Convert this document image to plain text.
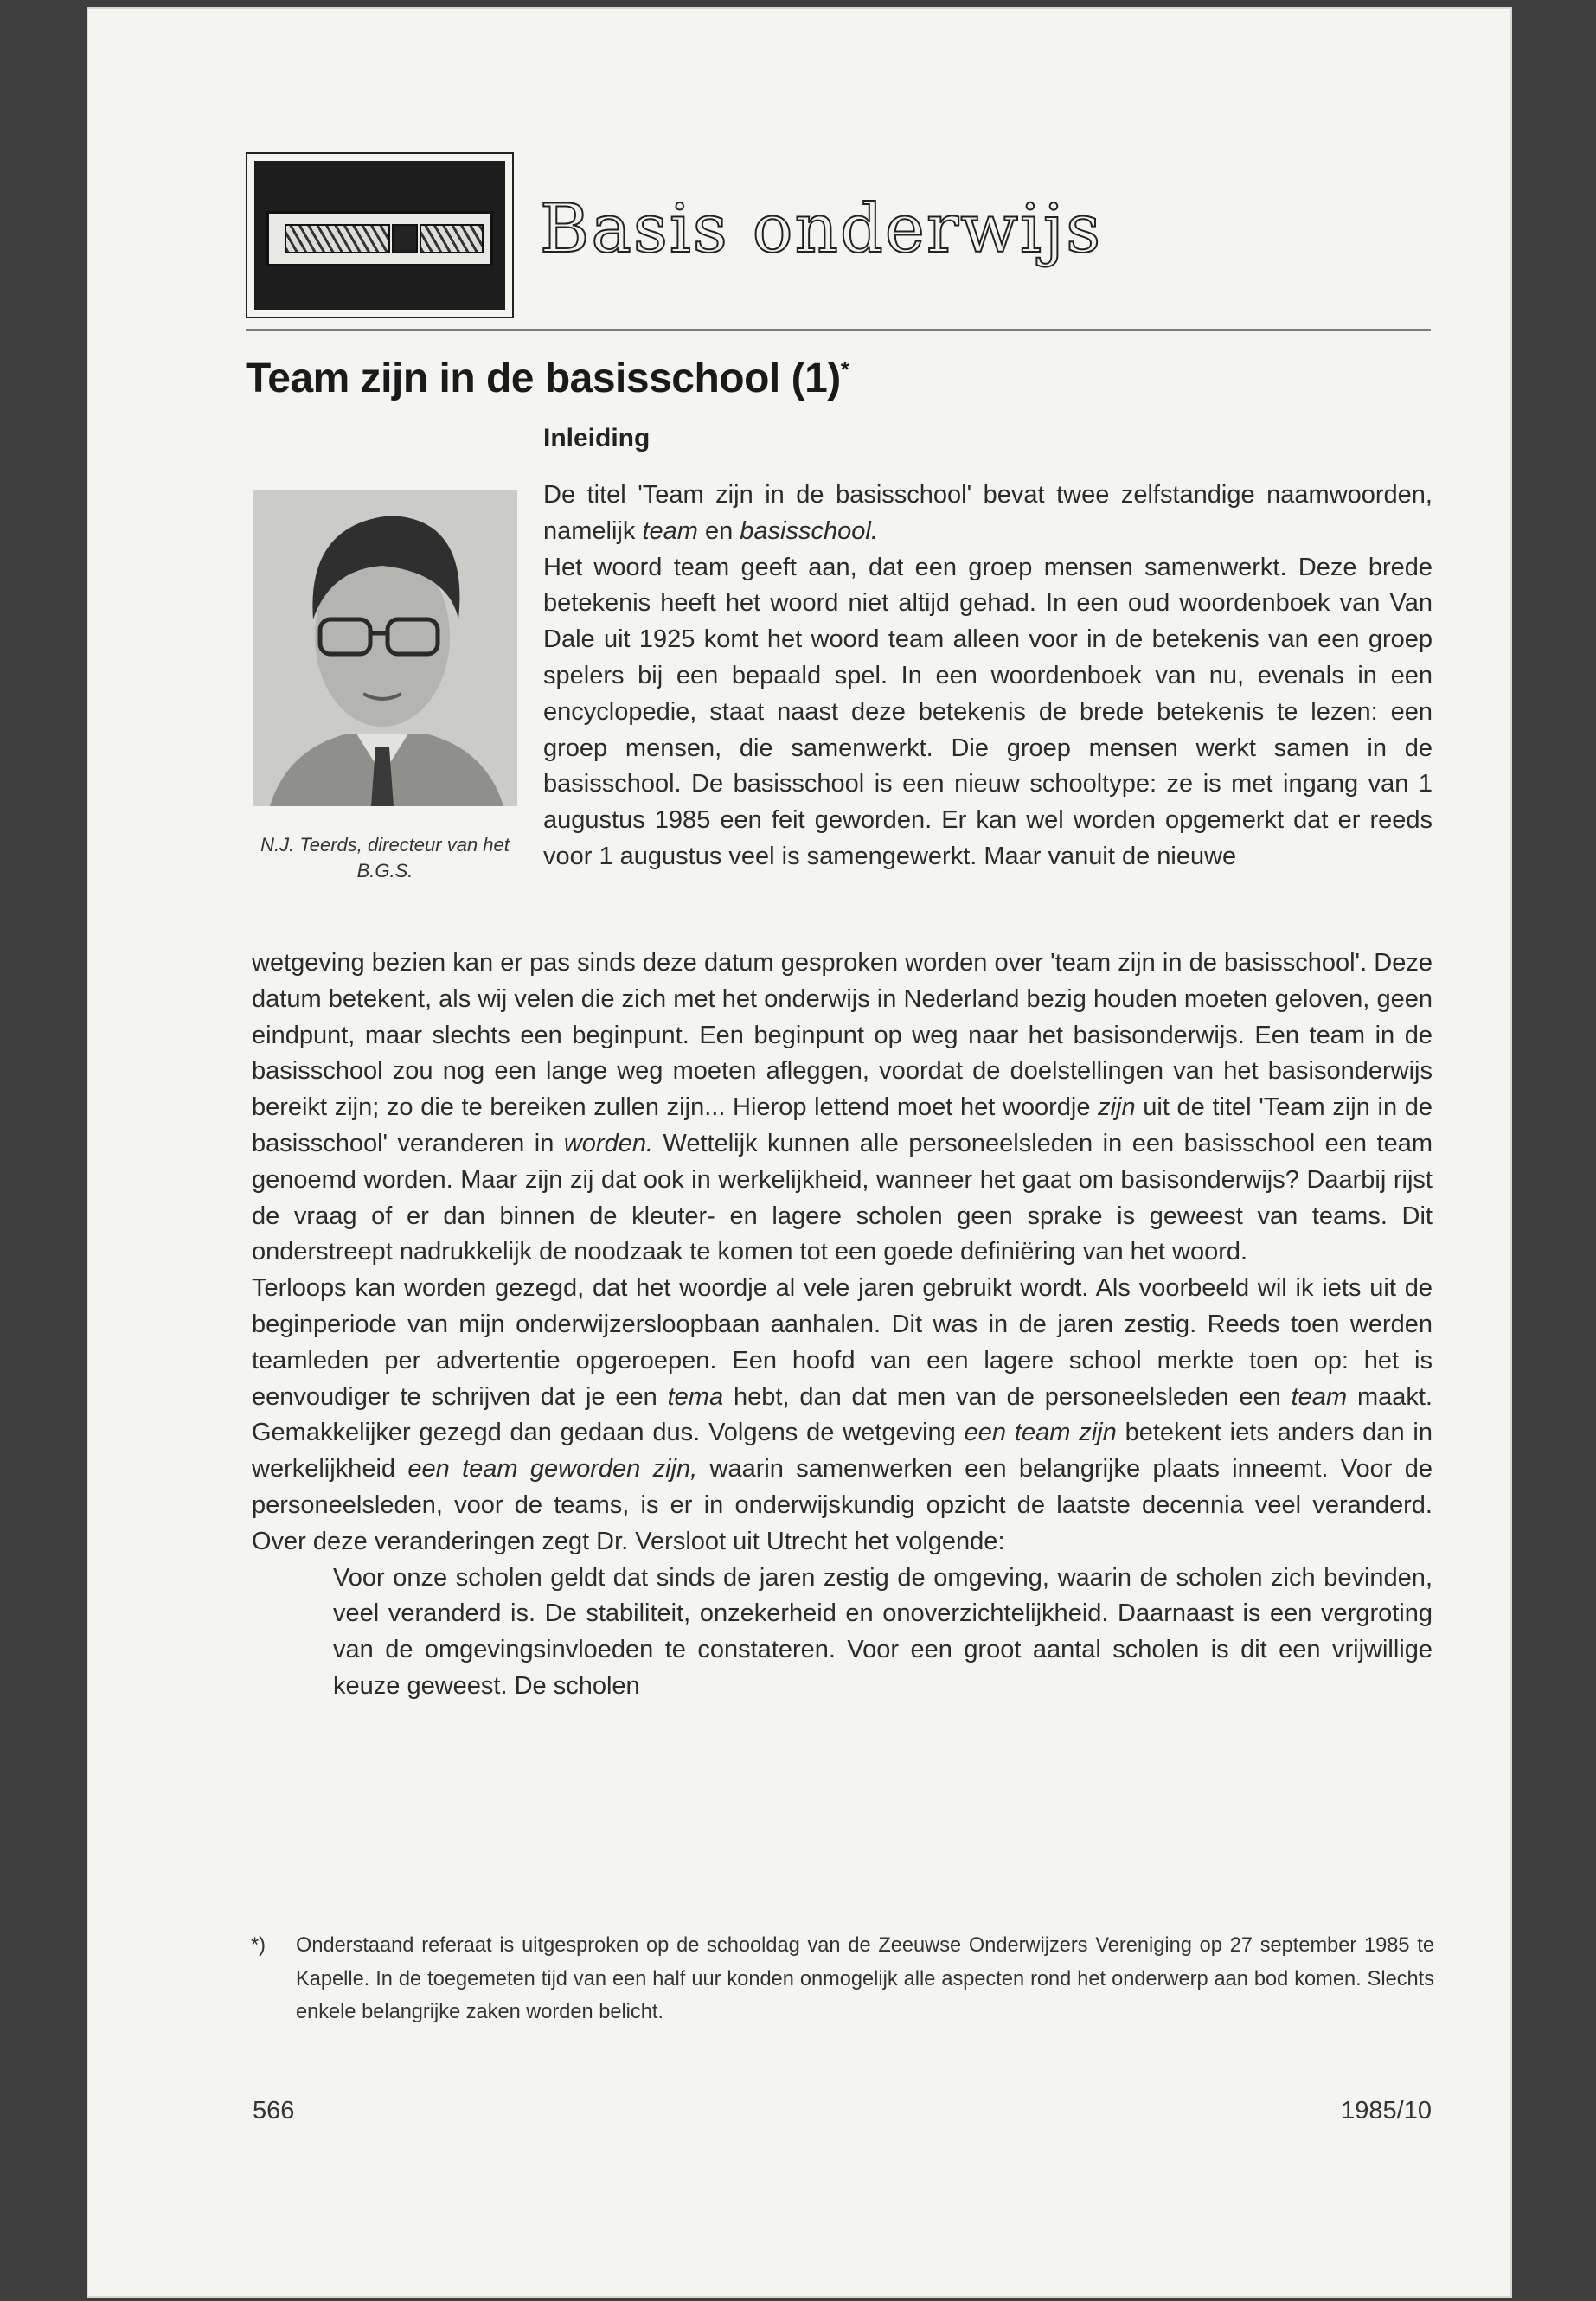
Basis onderwijs
Team zijn in de basisschool (1)*
Inleiding
N.J. Teerds, directeur van het B.G.S.

De titel 'Team zijn in de basisschool' bevat twee zelfstandige naamwoorden, namelijk team en basisschool.

Het woord team geeft aan, dat een groep mensen samenwerkt. Deze brede betekenis heeft het woord niet altijd gehad. In een oud woordenboek van Van Dale uit 1925 komt het woord team alleen voor in de betekenis van een groep spelers bij een bepaald spel. In een woordenboek van nu, evenals in een encyclopedie, staat naast deze betekenis de brede betekenis te lezen: een groep mensen, die samenwerkt. Die groep mensen werkt samen in de basisschool. De basisschool is een nieuw schooltype: ze is met ingang van 1 augustus 1985 een feit geworden. Er kan wel worden opgemerkt dat er reeds voor 1 augustus veel is samengewerkt. Maar vanuit de nieuwe

wetgeving bezien kan er pas sinds deze datum gesproken worden over 'team zijn in de basisschool'. Deze datum betekent, als wij velen die zich met het onderwijs in Nederland bezig houden moeten geloven, geen eindpunt, maar slechts een beginpunt. Een beginpunt op weg naar het basisonderwijs. Een team in de basisschool zou nog een lange weg moeten afleggen, voordat de doelstellingen van het basisonderwijs bereikt zijn; zo die te bereiken zullen zijn... Hierop lettend moet het woordje zijn uit de titel 'Team zijn in de basisschool' veranderen in worden. Wettelijk kunnen alle personeelsleden in een basisschool een team genoemd worden. Maar zijn zij dat ook in werkelijkheid, wanneer het gaat om basisonderwijs? Daarbij rijst de vraag of er dan binnen de kleuter- en lagere scholen geen sprake is geweest van teams. Dit onderstreept nadrukkelijk de noodzaak te komen tot een goede definiëring van het woord.

Terloops kan worden gezegd, dat het woordje al vele jaren gebruikt wordt. Als voorbeeld wil ik iets uit de beginperiode van mijn onderwijzersloopbaan aanhalen. Dit was in de jaren zestig. Reeds toen werden teamleden per advertentie opgeroepen. Een hoofd van een lagere school merkte toen op: het is eenvoudiger te schrijven dat je een tema hebt, dan dat men van de personeelsleden een team maakt. Gemakkelijker gezegd dan gedaan dus. Volgens de wetgeving een team zijn betekent iets anders dan in werkelijkheid een team geworden zijn, waarin samenwerken een belangrijke plaats inneemt. Voor de personeelsleden, voor de teams, is er in onderwijskundig opzicht de laatste decennia veel veranderd. Over deze veranderingen zegt Dr. Versloot uit Utrecht het volgende:

Voor onze scholen geldt dat sinds de jaren zestig de omgeving, waarin de scholen zich bevinden, veel veranderd is. De stabiliteit, onzekerheid en onoverzichtelijkheid. Daarnaast is een vergroting van de omgevingsinvloeden te constateren. Voor een groot aantal scholen is dit een vrijwillige keuze geweest. De scholen

*) Onderstaand referaat is uitgesproken op de schooldag van de Zeeuwse Onderwijzers Vereniging op 27 september 1985 te Kapelle. In de toegemeten tijd van een half uur konden onmogelijk alle aspecten rond het onderwerp aan bod komen. Slechts enkele belangrijke zaken worden belicht.
566	1985/10
